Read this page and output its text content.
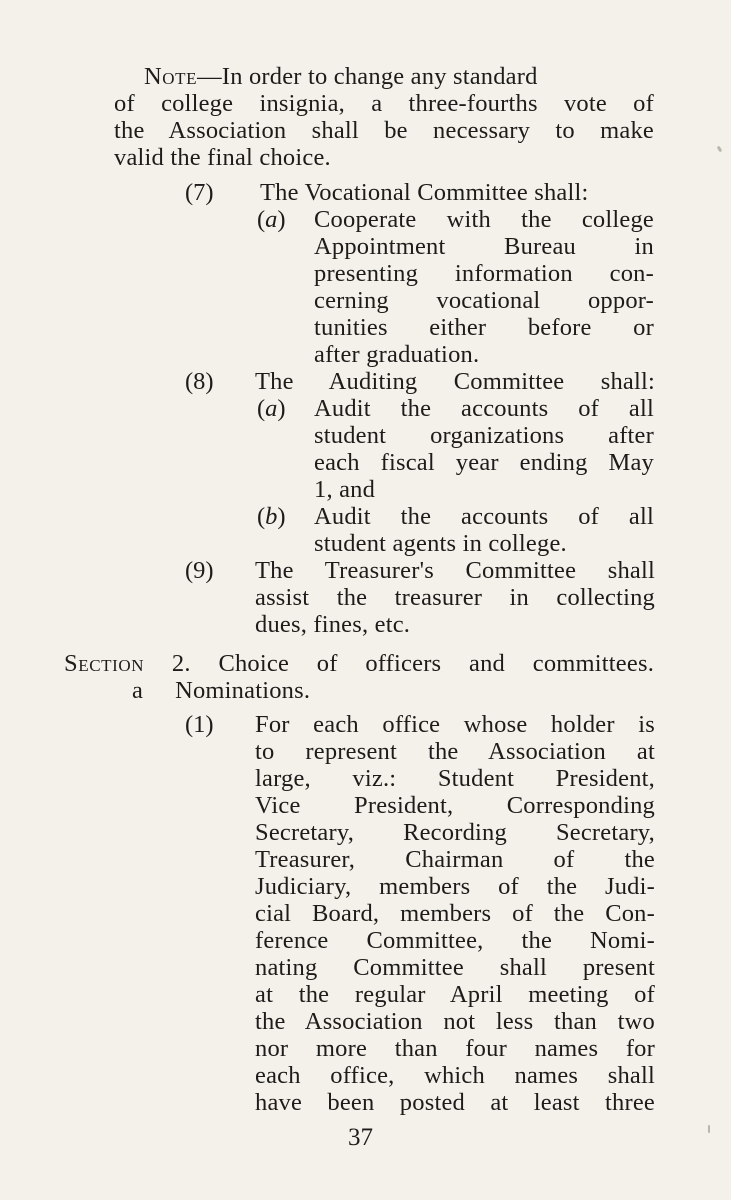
Note—In order to change any standard
of college insignia, a three-fourths vote of
the Association shall be necessary to make
valid the final choice.
(7) The Vocational Committee shall:
(a) Cooperate with the college
Appointment Bureau in
presenting information con-
cerning vocational oppor-
tunities either before or
after graduation.
(8) The Auditing Committee shall:
(a) Audit the accounts of all
student organizations after
each fiscal year ending May
1, and
(b) Audit the accounts of all
student agents in college.
(9) The Treasurer's Committee shall
assist the treasurer in collecting
dues, fines, etc.
Section 2. Choice of officers and committees.
a Nominations.
(1) For each office whose holder is
to represent the Association at
large, viz.: Student President,
Vice President, Corresponding
Secretary, Recording Secretary,
Treasurer, Chairman of the
Judiciary, members of the Judi-
cial Board, members of the Con-
ference Committee, the Nomi-
nating Committee shall present
at the regular April meeting of
the Association not less than two
nor more than four names for
each office, which names shall
have been posted at least three
37
